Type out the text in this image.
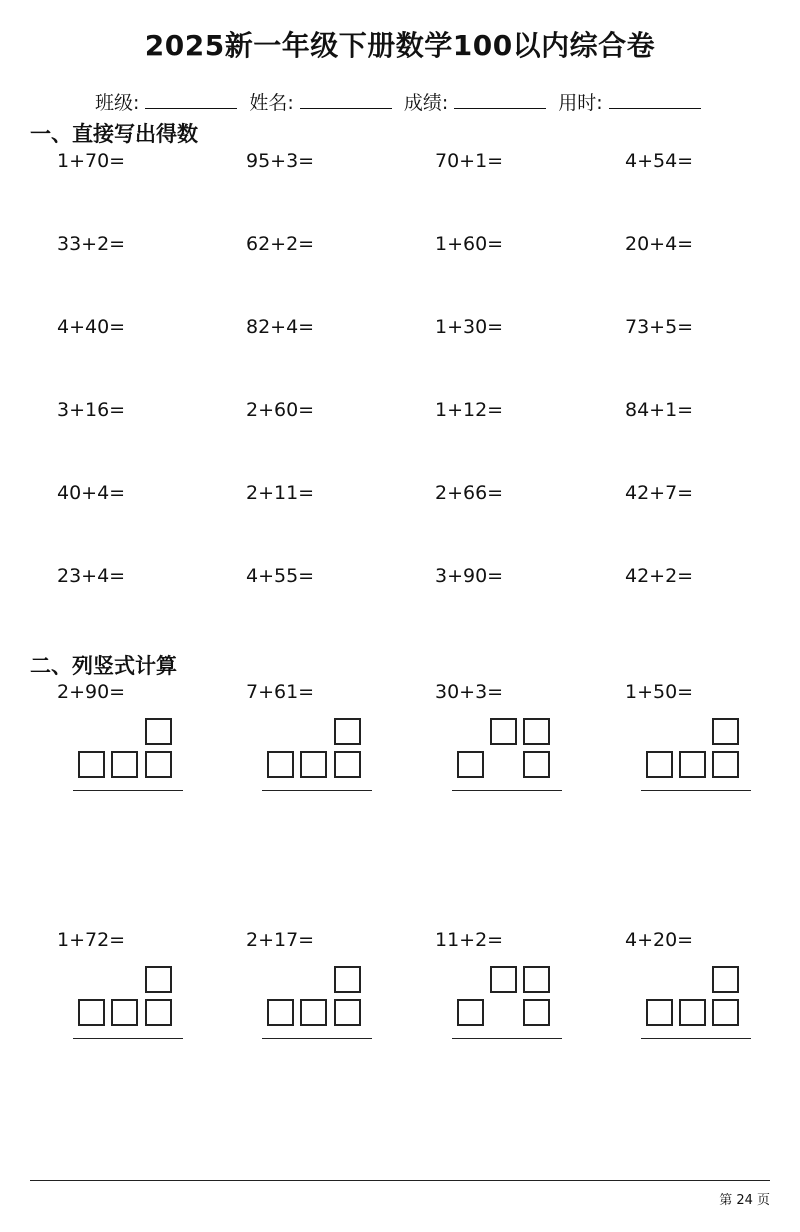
2025新一年级下册数学100以内综合卷
班级:	姓名:	成绩:	用时:
一、直接写出得数
1+70=	95+3=	70+1=	4+54=
33+2=	62+2=	1+60=	20+4=
4+40=	82+4=	1+30=	73+5=
3+16=	2+60=	1+12=	84+1=
40+4=	2+11=	2+66=	42+7=
23+4=	4+55=	3+90=	42+2=
二、列竖式计算
2+90=	7+61=	30+3=	1+50=
1+72=	2+17=	11+2=	4+20=
第 24 页
